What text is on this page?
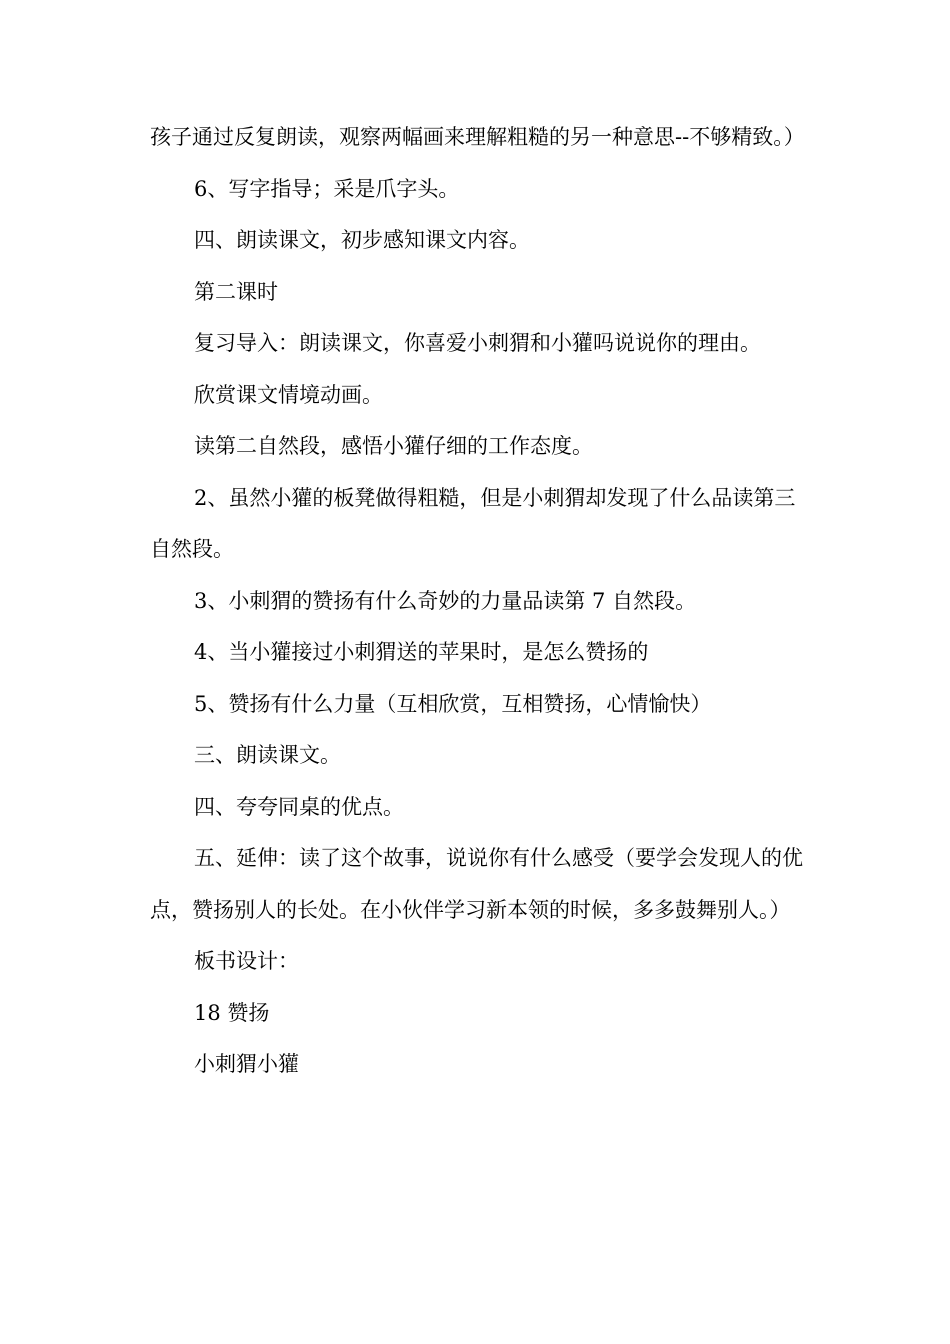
孩子通过反复朗读，观察两幅画来理解粗糙的另一种意思--不够精致。）

6、写字指导；采是爪字头。

四、朗读课文，初步感知课文内容。

第二课时

复习导入：朗读课文，你喜爱小刺猬和小獾吗说说你的理由。

欣赏课文情境动画。

读第二自然段，感悟小獾仔细的工作态度。

2、虽然小獾的板凳做得粗糙，但是小刺猬却发现了什么品读第三自然段。

3、小刺猬的赞扬有什么奇妙的力量品读第 7 自然段。

4、当小獾接过小刺猬送的苹果时，是怎么赞扬的

5、赞扬有什么力量（互相欣赏，互相赞扬，心情愉快）

三、朗读课文。

四、夸夸同桌的优点。

五、延伸：读了这个故事，说说你有什么感受（要学会发现人的优点，赞扬别人的长处。在小伙伴学习新本领的时候，多多鼓舞别人。）

板书设计：

18 赞扬

小刺猬小獾
